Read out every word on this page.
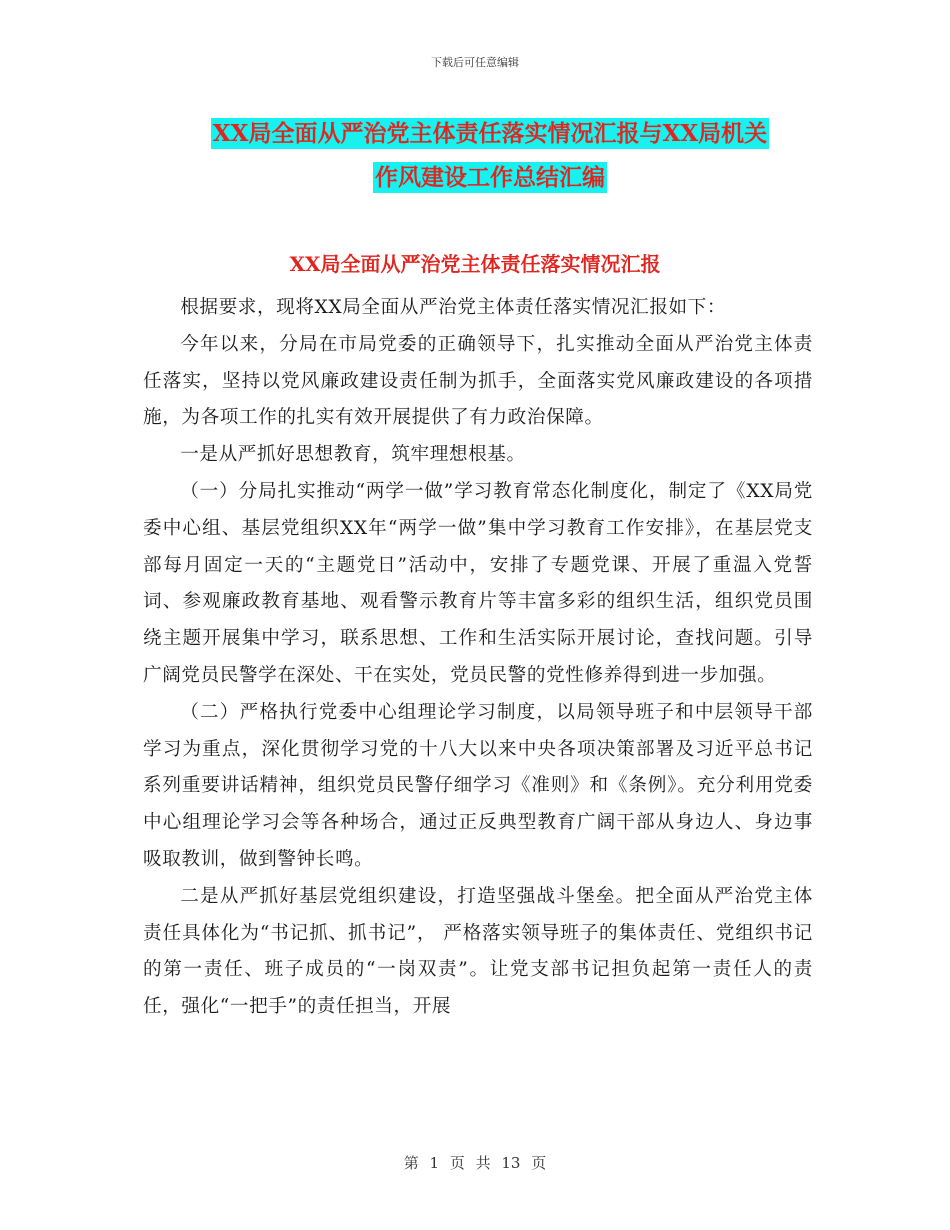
下载后可任意编辑
XX局全面从严治党主体责任落实情况汇报与XX局机关
作风建设工作总结汇编
XX局全面从严治党主体责任落实情况汇报

根据要求，现将XX局全面从严治党主体责任落实情况汇报如下：

今年以来，分局在市局党委的正确领导下，扎实推动全面从严治党主体责任落实，坚持以党风廉政建设责任制为抓手，全面落实党风廉政建设的各项措施，为各项工作的扎实有效开展提供了有力政治保障。

一是从严抓好思想教育，筑牢理想根基。

（一）分局扎实推动“两学一做”学习教育常态化制度化，制定了《XX局党委中心组、基层党组织XX年“两学一做”集中学习教育工作安排》，在基层党支部每月固定一天的“主题党日”活动中，安排了专题党课、开展了重温入党誓词、参观廉政教育基地、观看警示教育片等丰富多彩的组织生活，组织党员围绕主题开展集中学习，联系思想、工作和生活实际开展讨论，查找问题。引导广阔党员民警学在深处、干在实处，党员民警的党性修养得到进一步加强。

（二）严格执行党委中心组理论学习制度，以局领导班子和中层领导干部学习为重点，深化贯彻学习党的十八大以来中央各项决策部署及习近平总书记系列重要讲话精神，组织党员民警仔细学习《准则》和《条例》。充分利用党委中心组理论学习会等各种场合，通过正反典型教育广阔干部从身边人、身边事吸取教训，做到警钟长鸣。

二是从严抓好基层党组织建设，打造坚强战斗堡垒。把全面从严治党主体责任具体化为“书记抓、抓书记”， 严格落实领导班子的集体责任、党组织书记的第一责任、班子成员的“一岗双责”。让党支部书记担负起第一责任人的责任，强化“一把手”的责任担当，开展

第 1 页 共 13 页
